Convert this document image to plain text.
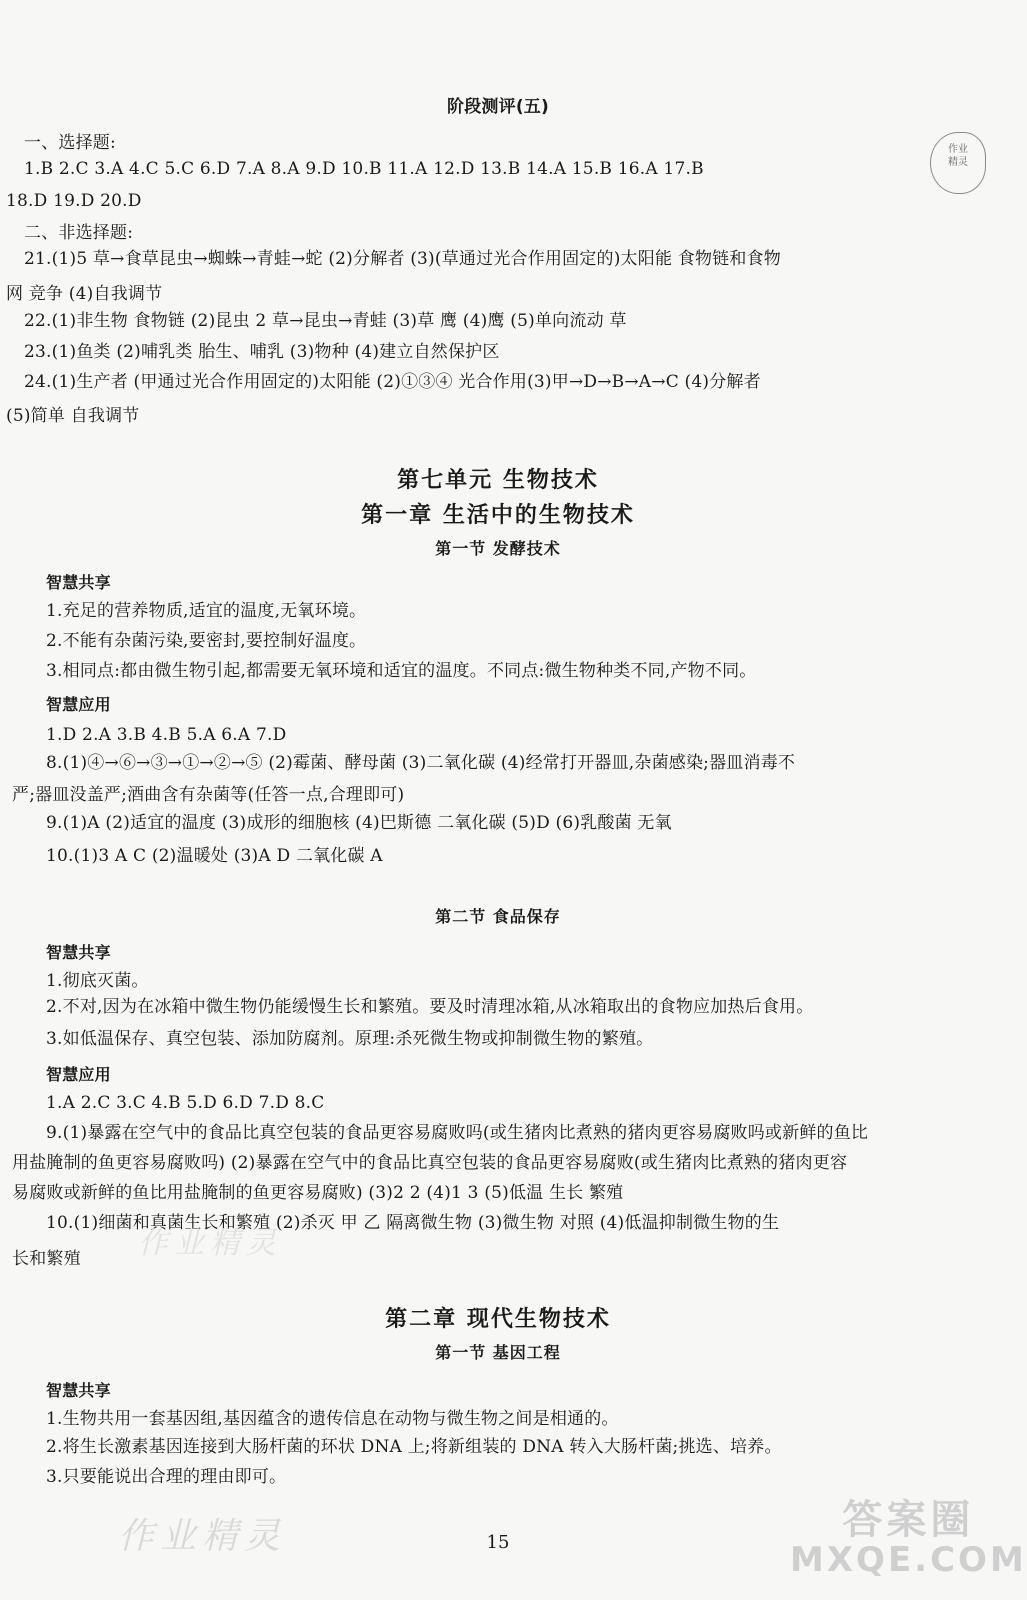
阶段测评(五)
一、选择题:
1.B 2.C 3.A 4.C 5.C 6.D 7.A 8.A 9.D 10.B 11.A 12.D 13.B 14.A 15.B 16.A 17.B
18.D 19.D 20.D
二、非选择题:
21.(1)5 草→食草昆虫→蜘蛛→青蛙→蛇 (2)分解者 (3)(草通过光合作用固定的)太阳能 食物链和食物
网 竞争 (4)自我调节
22.(1)非生物 食物链 (2)昆虫 2 草→昆虫→青蛙 (3)草 鹰 (4)鹰 (5)单向流动 草
23.(1)鱼类 (2)哺乳类 胎生、哺乳 (3)物种 (4)建立自然保护区
24.(1)生产者 (甲通过光合作用固定的)太阳能 (2)①③④ 光合作用(3)甲→D→B→A→C (4)分解者
(5)简单 自我调节
作业
精灵
第七单元 生物技术
第一章 生活中的生物技术
第一节 发酵技术
智慧共享
1.充足的营养物质,适宜的温度,无氧环境。
2.不能有杂菌污染,要密封,要控制好温度。
3.相同点:都由微生物引起,都需要无氧环境和适宜的温度。不同点:微生物种类不同,产物不同。
智慧应用
1.D 2.A 3.B 4.B 5.A 6.A 7.D
8.(1)④→⑥→③→①→②→⑤ (2)霉菌、酵母菌 (3)二氧化碳 (4)经常打开器皿,杂菌感染;器皿消毒不
严;器皿没盖严;酒曲含有杂菌等(任答一点,合理即可)
9.(1)A (2)适宜的温度 (3)成形的细胞核 (4)巴斯德 二氧化碳 (5)D (6)乳酸菌 无氧
10.(1)3 A C (2)温暖处 (3)A D 二氧化碳 A
第二节 食品保存
智慧共享
1.彻底灭菌。
2.不对,因为在冰箱中微生物仍能缓慢生长和繁殖。要及时清理冰箱,从冰箱取出的食物应加热后食用。
3.如低温保存、真空包装、添加防腐剂。原理:杀死微生物或抑制微生物的繁殖。
智慧应用
1.A 2.C 3.C 4.B 5.D 6.D 7.D 8.C
9.(1)暴露在空气中的食品比真空包装的食品更容易腐败吗(或生猪肉比煮熟的猪肉更容易腐败吗或新鲜的鱼比
用盐腌制的鱼更容易腐败吗) (2)暴露在空气中的食品比真空包装的食品更容易腐败(或生猪肉比煮熟的猪肉更容
易腐败或新鲜的鱼比用盐腌制的鱼更容易腐败) (3)2 2 (4)1 3 (5)低温 生长 繁殖
10.(1)细菌和真菌生长和繁殖 (2)杀灭 甲 乙 隔离微生物 (3)微生物 对照 (4)低温抑制微生物的生
长和繁殖 作业精灵
第二章 现代生物技术
第一节 基因工程
智慧共享
1.生物共用一套基因组,基因蕴含的遗传信息在动物与微生物之间是相通的。
2.将生长激素基因连接到大肠杆菌的环状 DNA 上;将新组装的 DNA 转入大肠杆菌;挑选、培养。
3.只要能说出合理的理由即可。
作业精灵	15	答案圈
MXQE.COM
